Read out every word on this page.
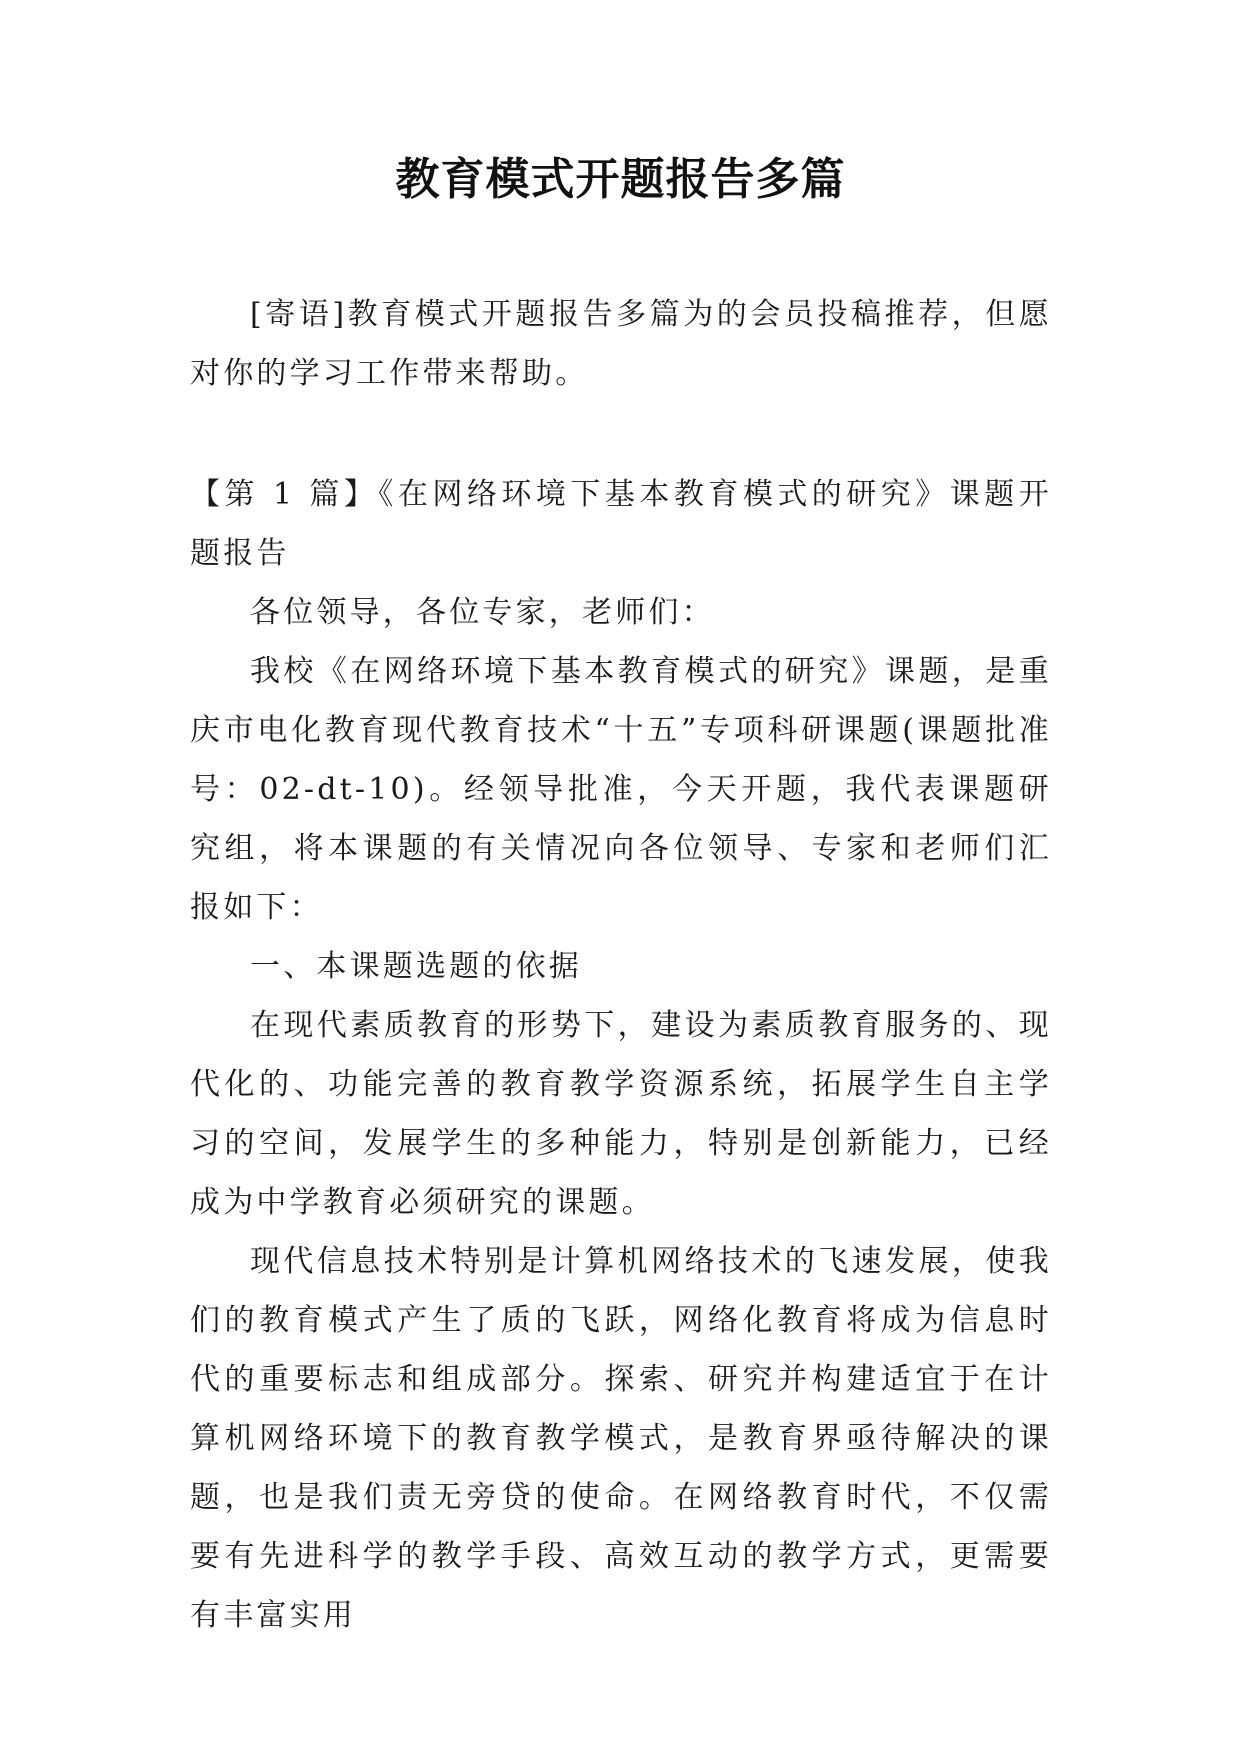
教育模式开题报告多篇

[寄语]教育模式开题报告多篇为的会员投稿推荐，但愿对你的学习工作带来帮助。

【第 1 篇】《在网络环境下基本教育模式的研究》课题开题报告

各位领导，各位专家，老师们：

我校《在网络环境下基本教育模式的研究》课题，是重庆市电化教育现代教育技术“十五”专项科研课题(课题批准号：02-dt-10)。经领导批准，今天开题，我代表课题研究组，将本课题的有关情况向各位领导、专家和老师们汇报如下：

一、本课题选题的依据

在现代素质教育的形势下，建设为素质教育服务的、现代化的、功能完善的教育教学资源系统，拓展学生自主学习的空间，发展学生的多种能力，特别是创新能力，已经成为中学教育必须研究的课题。

现代信息技术特别是计算机网络技术的飞速发展，使我们的教育模式产生了质的飞跃，网络化教育将成为信息时代的重要标志和组成部分。探索、研究并构建适宜于在计算机网络环境下的教育教学模式，是教育界亟待解决的课题，也是我们责无旁贷的使命。在网络教育时代，不仅需要有先进科学的教学手段、高效互动的教学方式，更需要有丰富实用
